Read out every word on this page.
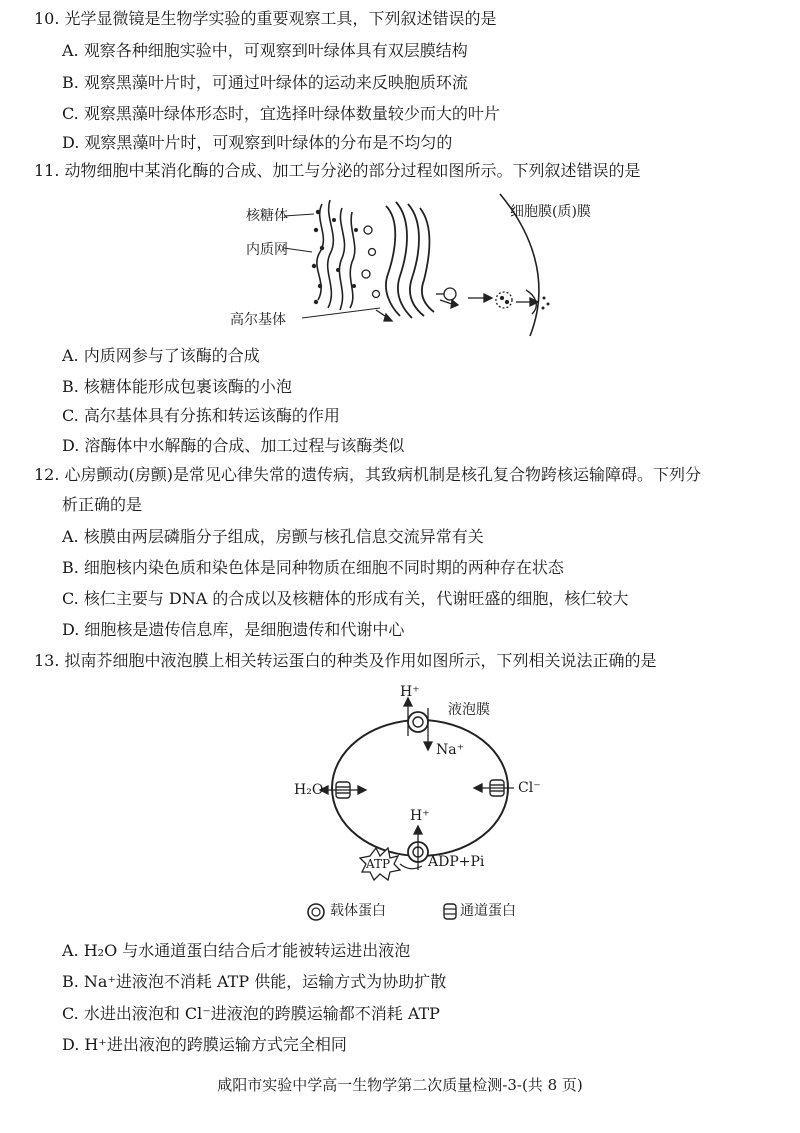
10. 光学显微镜是生物学实验的重要观察工具，下列叙述错误的是
A. 观察各种细胞实验中，可观察到叶绿体具有双层膜结构
B. 观察黑藻叶片时，可通过叶绿体的运动来反映胞质环流
C. 观察黑藻叶绿体形态时，宜选择叶绿体数量较少而大的叶片
D. 观察黑藻叶片时，可观察到叶绿体的分布是不均匀的
11. 动物细胞中某消化酶的合成、加工与分泌的部分过程如图所示。下列叙述错误的是
核糖体
内质网
高尔基体
细胞膜(质)膜
A. 内质网参与了该酶的合成
B. 核糖体能形成包裹该酶的小泡
C. 高尔基体具有分拣和转运该酶的作用
D. 溶酶体中水解酶的合成、加工过程与该酶类似
12. 心房颤动(房颤)是常见心律失常的遗传病，其致病机制是核孔复合物跨核运输障碍。下列分
析正确的是
A. 核膜由两层磷脂分子组成，房颤与核孔信息交流异常有关
B. 细胞核内染色质和染色体是同种物质在细胞不同时期的两种存在状态
C. 核仁主要与 DNA 的合成以及核糖体的形成有关，代谢旺盛的细胞，核仁较大
D. 细胞核是遗传信息库，是细胞遗传和代谢中心
13. 拟南芥细胞中液泡膜上相关转运蛋白的种类及作用如图所示，下列相关说法正确的是
H⁺
Na⁺
液泡膜
H₂O	Cl⁻
H⁺
ATP	ADP+Pi
载体蛋白	通道蛋白
A. H₂O 与水通道蛋白结合后才能被转运进出液泡
B. Na⁺进液泡不消耗 ATP 供能，运输方式为协助扩散
C. 水进出液泡和 Cl⁻进液泡的跨膜运输都不消耗 ATP
D. H⁺进出液泡的跨膜运输方式完全相同
咸阳市实验中学高一生物学第二次质量检测-3-(共 8 页)
